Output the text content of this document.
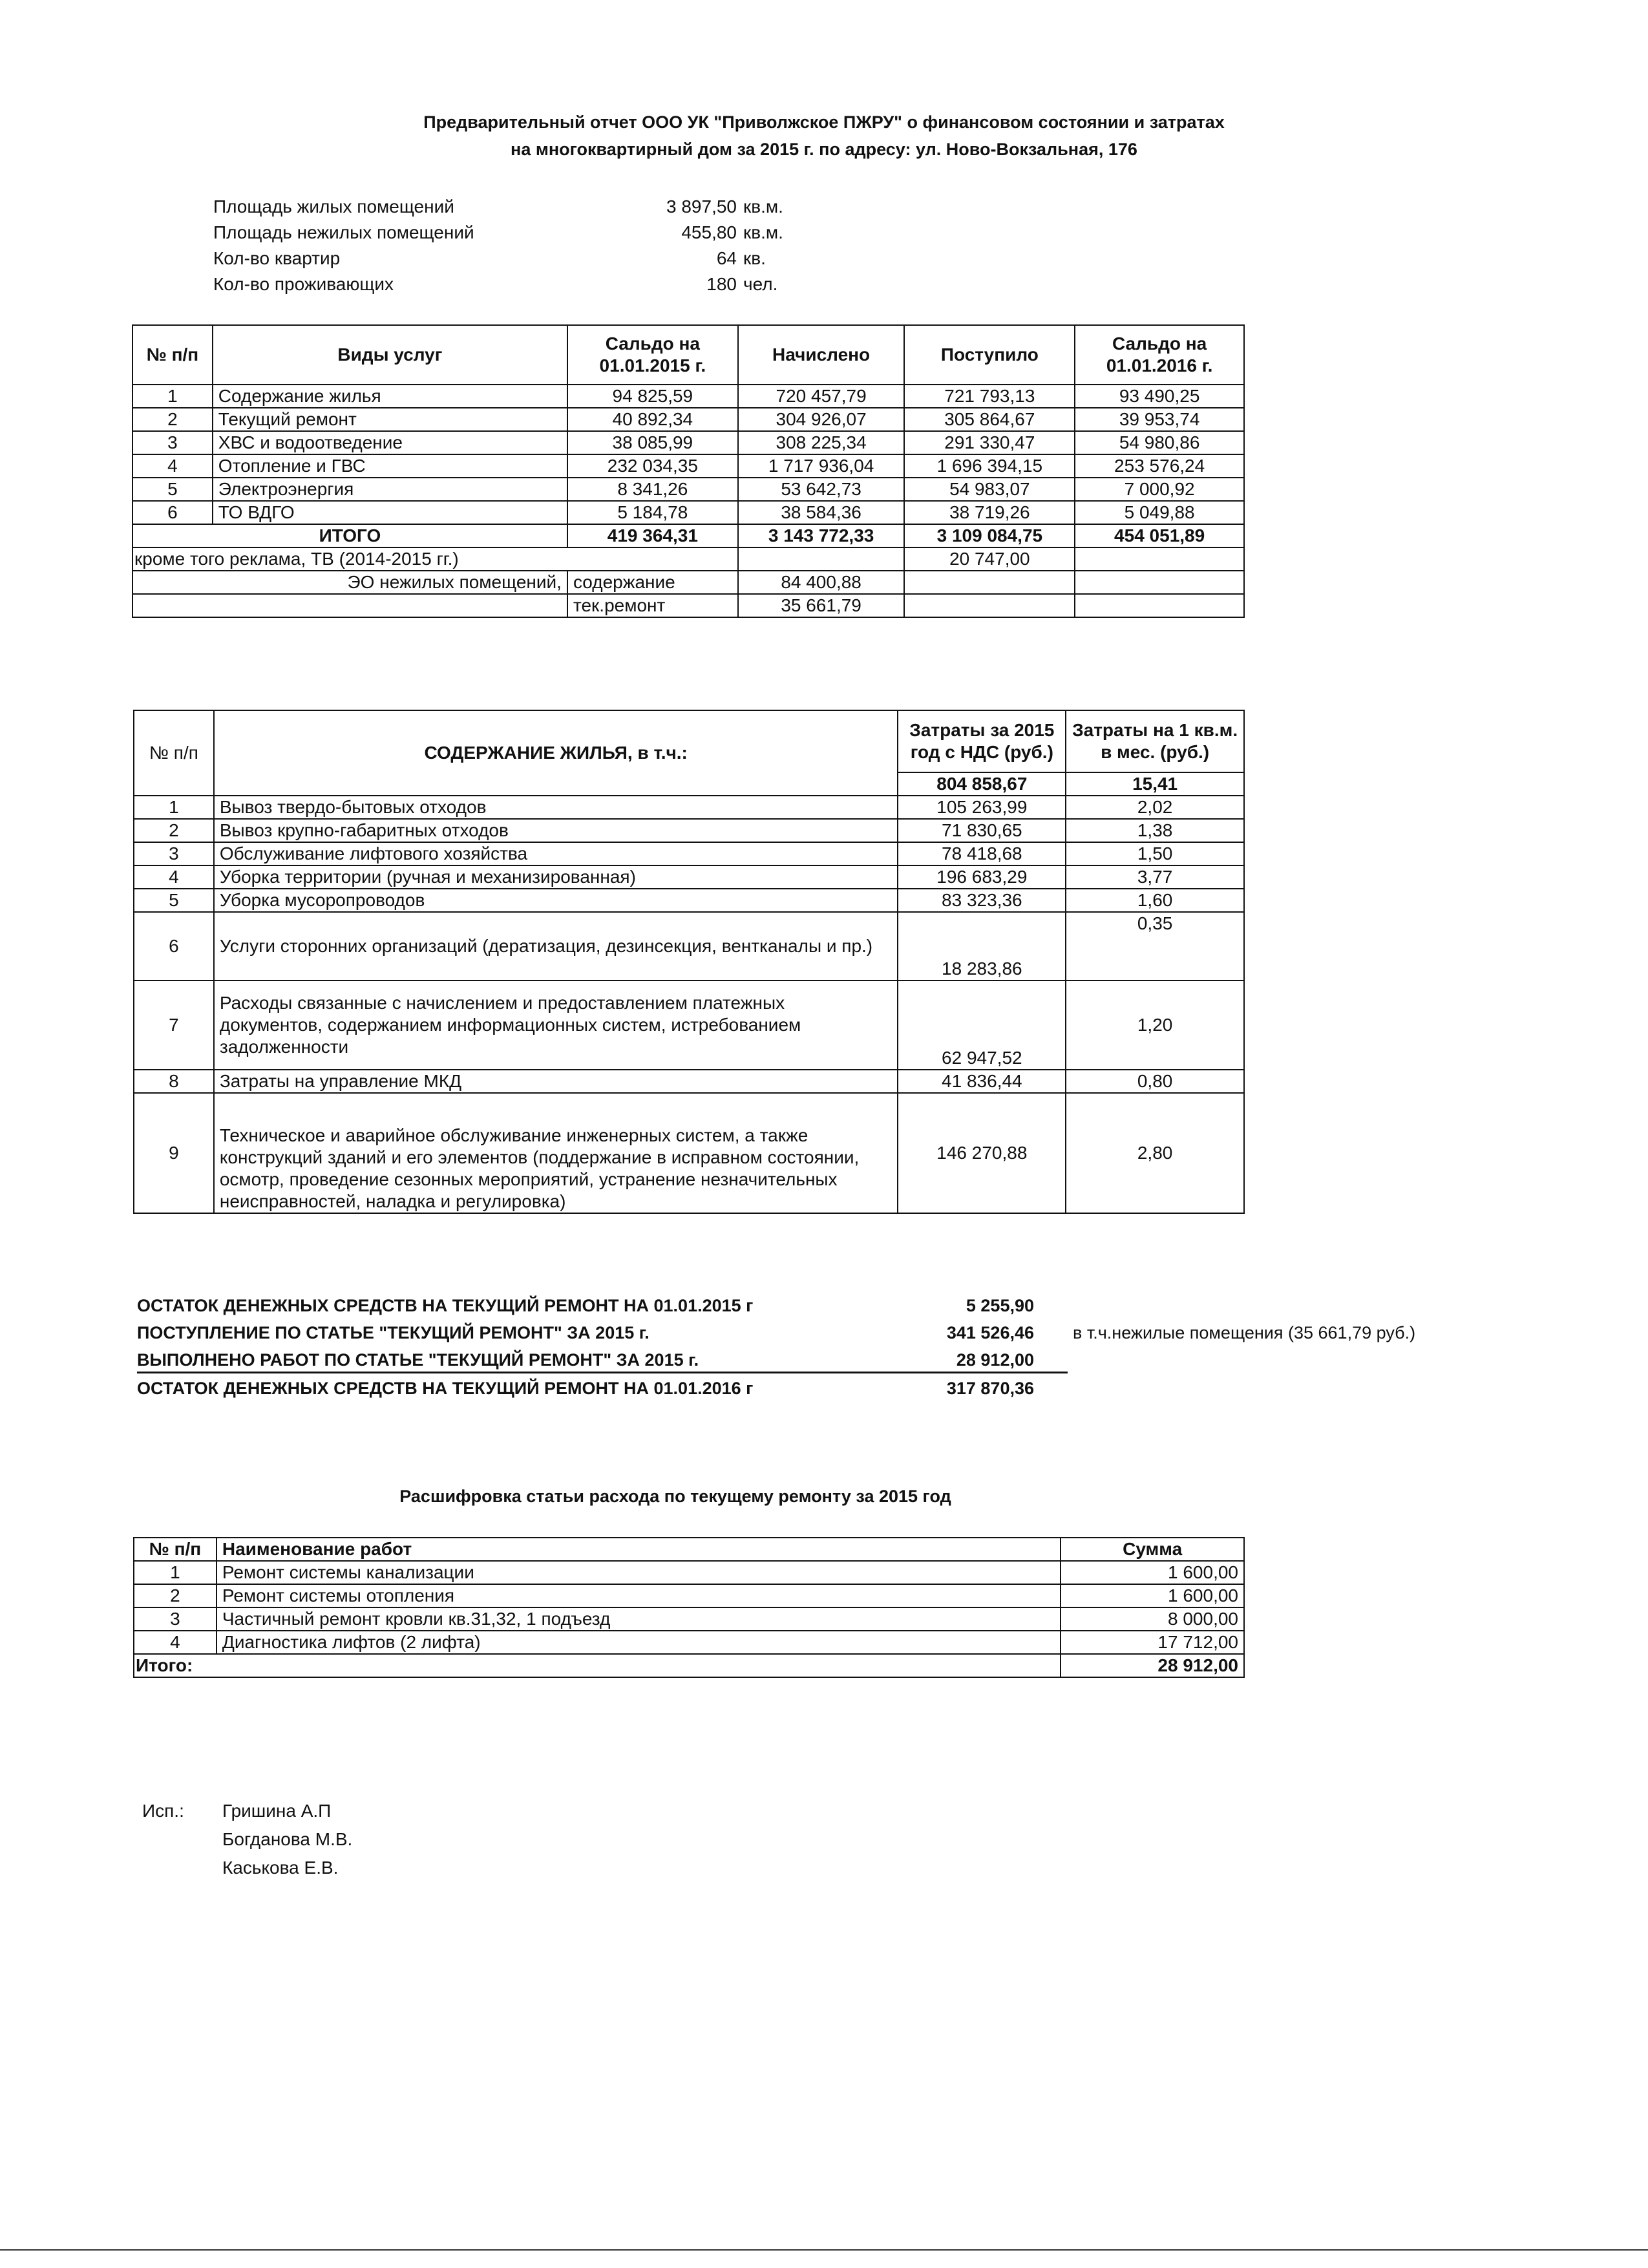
Предварительный отчет ООО УК "Приволжское ПЖРУ" о финансовом состоянии и затратах
на многоквартирный дом за 2015 г. по адресу: ул. Ново-Вокзальная, 176
Площадь жилых помещений	3 897,50 кв.м.
Площадь нежилых помещений	455,80 кв.м.
Кол-во квартир	64 кв.
Кол-во проживающих	180 чел.
№ п/п	Виды услуг	Сальдо на 01.01.2015 г.	Начислено	Поступило	Сальдо на 01.01.2016 г.
1	Содержание жилья	94 825,59	720 457,79	721 793,13	93 490,25
2	Текущий ремонт	40 892,34	304 926,07	305 864,67	39 953,74
3	ХВС и водоотведение	38 085,99	308 225,34	291 330,47	54 980,86
4	Отопление и ГВС	232 034,35	1 717 936,04	1 696 394,15	253 576,24
5	Электроэнергия	8 341,26	53 642,73	54 983,07	7 000,92
6	ТО ВДГО	5 184,78	38 584,36	38 719,26	5 049,88
ИТОГО		419 364,31	3 143 772,33	3 109 084,75	454 051,89
кроме того реклама, ТВ (2014-2015 гг.)				20 747,00	
ЭО нежилых помещений,		содержание	84 400,88		
		тек.ремонт	35 661,79		
№ п/п	СОДЕРЖАНИЕ ЖИЛЬЯ, в т.ч.:	Затраты за 2015 год с НДС (руб.)	Затраты на 1 кв.м. в мес. (руб.)
		804 858,67	15,41
1	Вывоз твердо-бытовых отходов	105 263,99	2,02
2	Вывоз крупно-габаритных отходов	71 830,65	1,38
3	Обслуживание лифтового хозяйства	78 418,68	1,50
4	Уборка территории (ручная и механизированная)	196 683,29	3,77
5	Уборка мусоропроводов	83 323,36	1,60
6	Услуги сторонних организаций (дератизация, дезинсекция, вентканалы и пр.)	18 283,86	0,35
7	Расходы связанные с начислением и предоставлением платежных документов, содержанием информационных систем, истребованием задолженности	62 947,52	1,20
8	Затраты на управление МКД	41 836,44	0,80
9	Техническое и аварийное обслуживание инженерных систем, а также конструкций зданий и его элементов (поддержание в исправном состоянии, осмотр, проведение сезонных мероприятий, устранение незначительных неисправностей, наладка и регулировка)	146 270,88	2,80
ОСТАТОК ДЕНЕЖНЫХ СРЕДСТВ НА ТЕКУЩИЙ РЕМОНТ НА 01.01.2015 г	5 255,90
ПОСТУПЛЕНИЕ ПО СТАТЬЕ "ТЕКУЩИЙ РЕМОНТ" ЗА 2015 г.	341 526,46 в т.ч.нежилые помещения (35 661,79 руб.)
ВЫПОЛНЕНО РАБОТ ПО СТАТЬЕ "ТЕКУЩИЙ РЕМОНТ" ЗА 2015 г.	28 912,00
ОСТАТОК ДЕНЕЖНЫХ СРЕДСТВ НА ТЕКУЩИЙ РЕМОНТ НА 01.01.2016 г	317 870,36
Расшифровка статьи расхода по текущему ремонту за 2015 год
№ п/п	Наименование работ	Сумма
1	Ремонт системы канализации	1 600,00
2	Ремонт системы отопления	1 600,00
3	Частичный ремонт кровли кв.31,32, 1 подъезд	8 000,00
4	Диагностика лифтов (2 лифта)	17 712,00
Итого:		28 912,00
Исп.: Гришина А.П
Богданова М.В.
Каськова Е.В.
